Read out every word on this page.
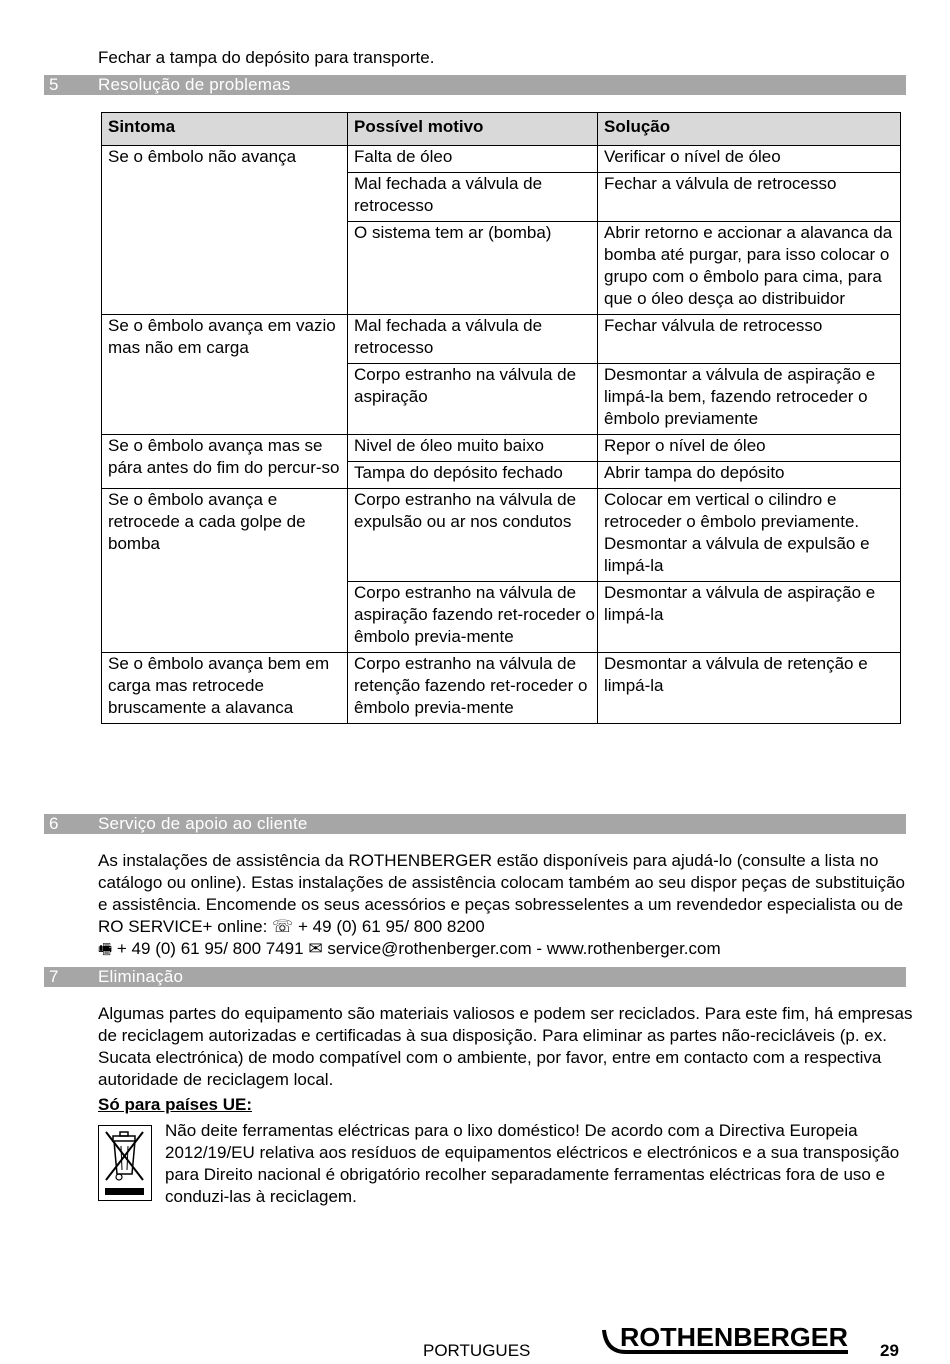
Fechar a tampa do depósito para transporte.
5 Resolução de problemas
Sintoma	Possível motivo	Solução
Se o êmbolo não avança	Falta de óleo	Verificar o nível de óleo
	Mal fechada a válvula de retrocesso	Fechar a válvula de retrocesso
	O sistema tem ar (bomba)	Abrir retorno e accionar a alavanca da bomba até purgar, para isso colocar o grupo com o êmbolo para cima, para que o óleo desça ao distribuidor
Se o êmbolo avança em vazio mas não em carga	Mal fechada a válvula de retrocesso	Fechar válvula de retrocesso
	Corpo estranho na válvula de aspiração	Desmontar a válvula de aspiração e limpá-la bem, fazendo retroceder o êmbolo previamente
Se o êmbolo avança mas se pára antes do fim do percur-so	Nivel de óleo muito baixo	Repor o nível de óleo
	Tampa do depósito fechado	Abrir tampa do depósito
Se o êmbolo avança e retrocede a cada golpe de bomba	Corpo estranho na válvula de expulsão ou ar nos condutos	Colocar em vertical o cilindro e retroceder o êmbolo previamente. Desmontar a válvula de expulsão e limpá-la
	Corpo estranho na válvula de aspiração fazendo ret-roceder o êmbolo previa-mente	Desmontar a válvula de aspiração e limpá-la
Se o êmbolo avança bem em carga mas retrocede bruscamente a alavanca	Corpo estranho na válvula de retenção fazendo ret-roceder o êmbolo previa-mente	Desmontar a válvula de retenção e limpá-la
6 Serviço de apoio ao cliente
As instalações de assistência da ROTHENBERGER estão disponíveis para ajudá-lo (consulte a lista no catálogo ou online). Estas instalações de assistência colocam também ao seu dispor peças de substituição e assistência. Encomende os seus acessórios e peças sobresselentes a um revendedor especialista ou de RO SERVICE+ online: ☏ + 49 (0) 61 95/ 800 8200
🖷 + 49 (0) 61 95/ 800 7491 ✉ service@rothenberger.com - www.rothenberger.com
7 Eliminação
Algumas partes do equipamento são materiais valiosos e podem ser reciclados. Para este fim, há empresas de reciclagem autorizadas e certificadas à sua disposição. Para eliminar as partes não-recicláveis (p. ex. Sucata electrónica) de modo compatível com o ambiente, por favor, entre em contacto com a respectiva autoridade de reciclagem local.
Só para países UE:
Não deite ferramentas eléctricas para o lixo doméstico! De acordo com a Directiva Europeia 2012/19/EU relativa aos resíduos de equipamentos eléctricos e electrónicos e a sua transposição para Direito nacional é obrigatório recolher separadamente ferramentas eléctricas fora de uso e conduzi-las à reciclagem.
PORTUGUES	ROTHENBERGER 29
